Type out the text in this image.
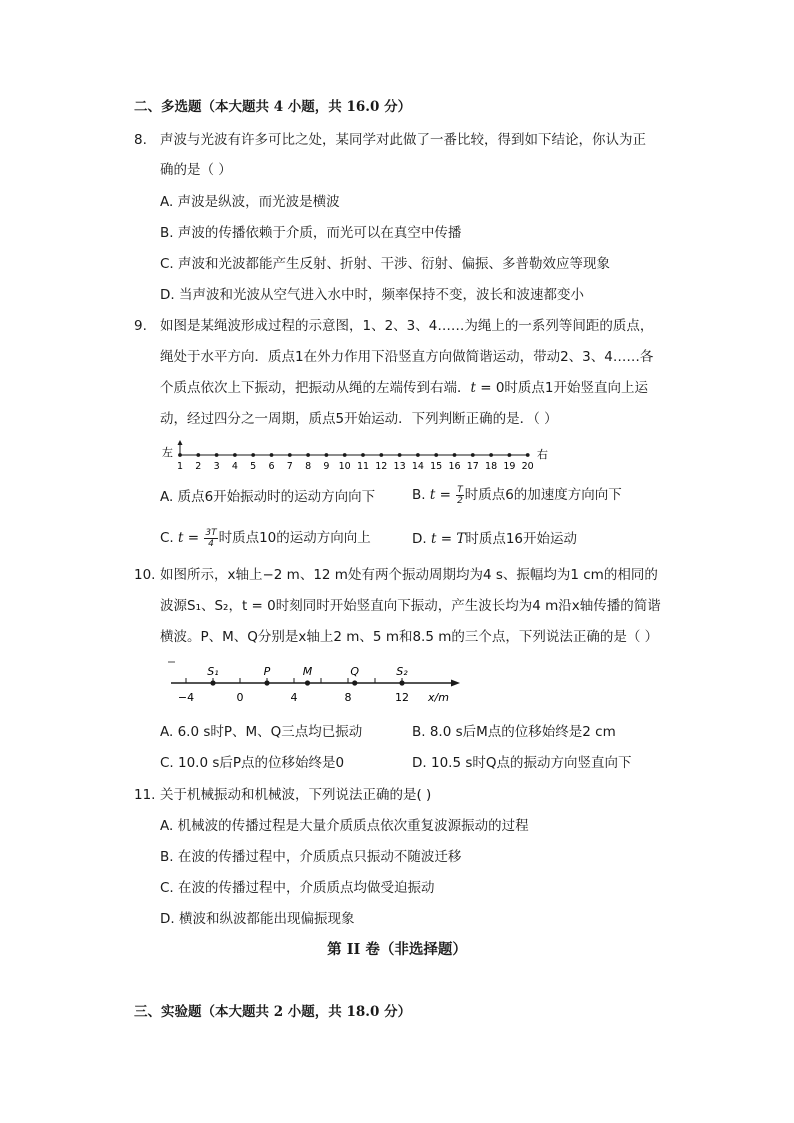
二、多选题（本大题共 4 小题，共 16.0 分）
8. 声波与光波有许多可比之处，某同学对此做了一番比较，得到如下结论，你认为正
确的是（ ）
A. 声波是纵波，而光波是横波
B. 声波的传播依赖于介质，而光可以在真空中传播
C. 声波和光波都能产生反射、折射、干涉、衍射、偏振、多普勒效应等现象
D. 当声波和光波从空气进入水中时，频率保持不变，波长和波速都变小
9. 如图是某绳波形成过程的示意图，1、2、3、4……为绳上的一系列等间距的质点，
绳处于水平方向．质点1在外力作用下沿竖直方向做简谐运动，带动2、3、4……各
个质点依次上下振动，把振动从绳的左端传到右端．t = 0时质点1开始竖直向上运
动，经过四分之一周期，质点5开始运动．下列判断正确的是．（ ）
左	右
1 2 3 4 5 6 7 8 9 10 11 12 13 14 15 16 17 18 19 20
A. 质点6开始振动时的运动方向向下	B. $t = \frac{T}{2}$ 时质点6的加速度方向向下
C. $t = \frac{3T}{4}$ 时质点10的运动方向向上	D. t = T时质点16开始运动
10. 如图所示，x轴上−2 m、12 m处有两个振动周期均为4 s、振幅均为1 cm的相同的
波源S₁、S₂，t = 0时刻同时开始竖直向下振动，产生波长均为4 m沿x轴传播的简谐
横波。P、M、Q分别是x轴上2 m、5 m和8.5 m的三个点，下列说法正确的是（ ）
−4	0	4	8	12
S₁	P	M	Q	S₂
x/m
A. 6.0 s时P、M、Q三点均已振动	B. 8.0 s后M点的位移始终是2 cm
C. 10.0 s后P点的位移始终是0	D. 10.5 s时Q点的振动方向竖直向下
11. 关于机械振动和机械波，下列说法正确的是( )
A. 机械波的传播过程是大量介质质点依次重复波源振动的过程
B. 在波的传播过程中，介质质点只振动不随波迁移
C. 在波的传播过程中，介质质点均做受迫振动
D. 横波和纵波都能出现偏振现象
第 II 卷（非选择题）
三、实验题（本大题共 2 小题，共 18.0 分）
